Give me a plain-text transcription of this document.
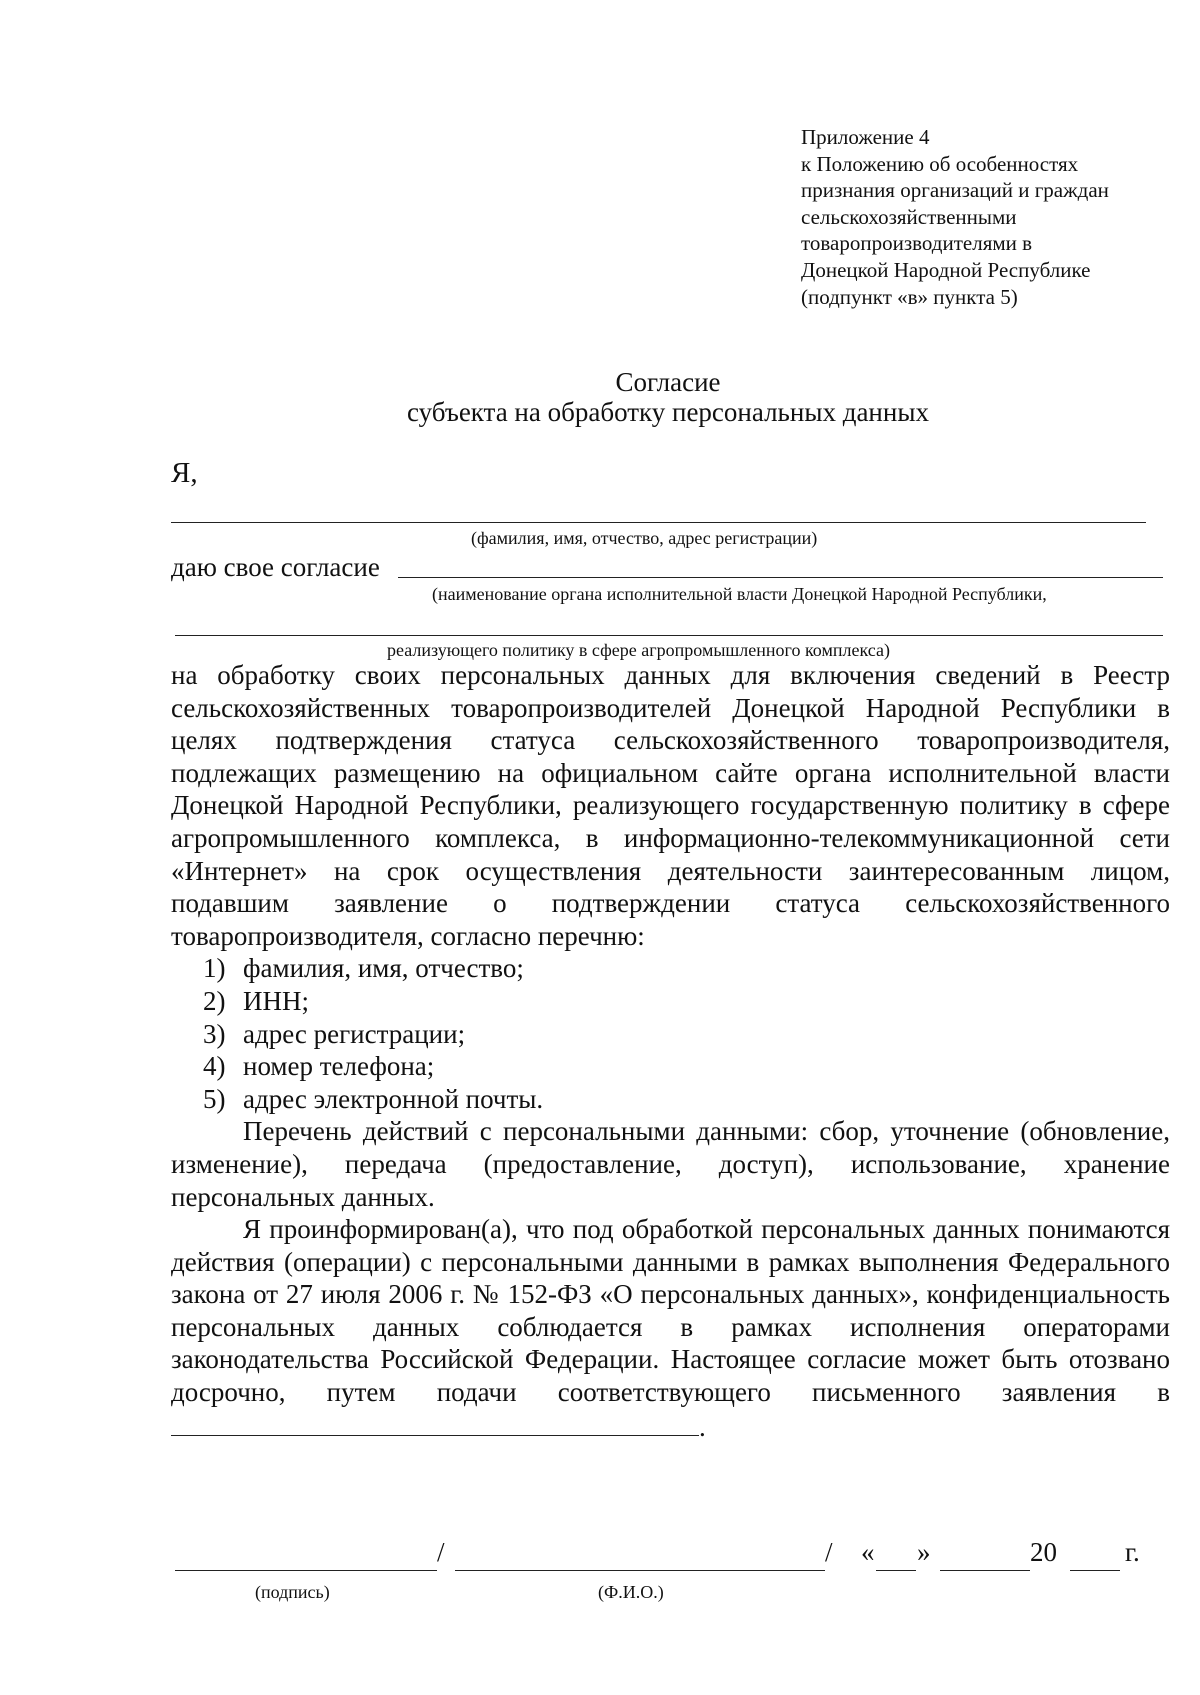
Приложение 4
к Положению об особенностях
признания организаций и граждан
сельскохозяйственными
товаропроизводителями в
Донецкой Народной Республике
(подпункт «в» пункта 5)
Согласие
субъекта на обработку персональных данных
Я,
(фамилия, имя, отчество, адрес регистрации)
даю свое согласие
(наименование органа исполнительной власти Донецкой Народной Республики,
реализующего политику в сфере агропромышленного комплекса)

на обработку своих персональных данных для включения сведений в Реестр сельскохозяйственных товаропроизводителей Донецкой Народной Республики в целях подтверждения статуса сельскохозяйственного товаропроизводителя, подлежащих размещению на официальном сайте органа исполнительной власти Донецкой Народной Республики, реализующего государственную политику в сфере агропромышленного комплекса, в информационно-телекоммуникационной сети «Интернет» на срок осуществления деятельности заинтересованным лицом, подавшим заявление о подтверждении статуса сельскохозяйственного товаропроизводителя, согласно перечню:

1) фамилия, имя, отчество;
2) ИНН;
3) адрес регистрации;
4) номер телефона;
5) адрес электронной почты.

Перечень действий с персональными данными: сбор, уточнение (обновление, изменение), передача (предоставление, доступ), использование, хранение персональных данных.

Я проинформирован(а), что под обработкой персональных данных понимаются действия (операции) с персональными данными в рамках выполнения Федерального закона от 27 июля 2006 г. № 152-ФЗ «О персональных данных», конфиденциальность персональных данных соблюдается в рамках исполнения операторами законодательства Российской Федерации. Настоящее согласие может быть отозвано досрочно, путем подачи соответствующего письменного заявления в .

/	/ « »	20	г.
(подпись)	(Ф.И.О.)
